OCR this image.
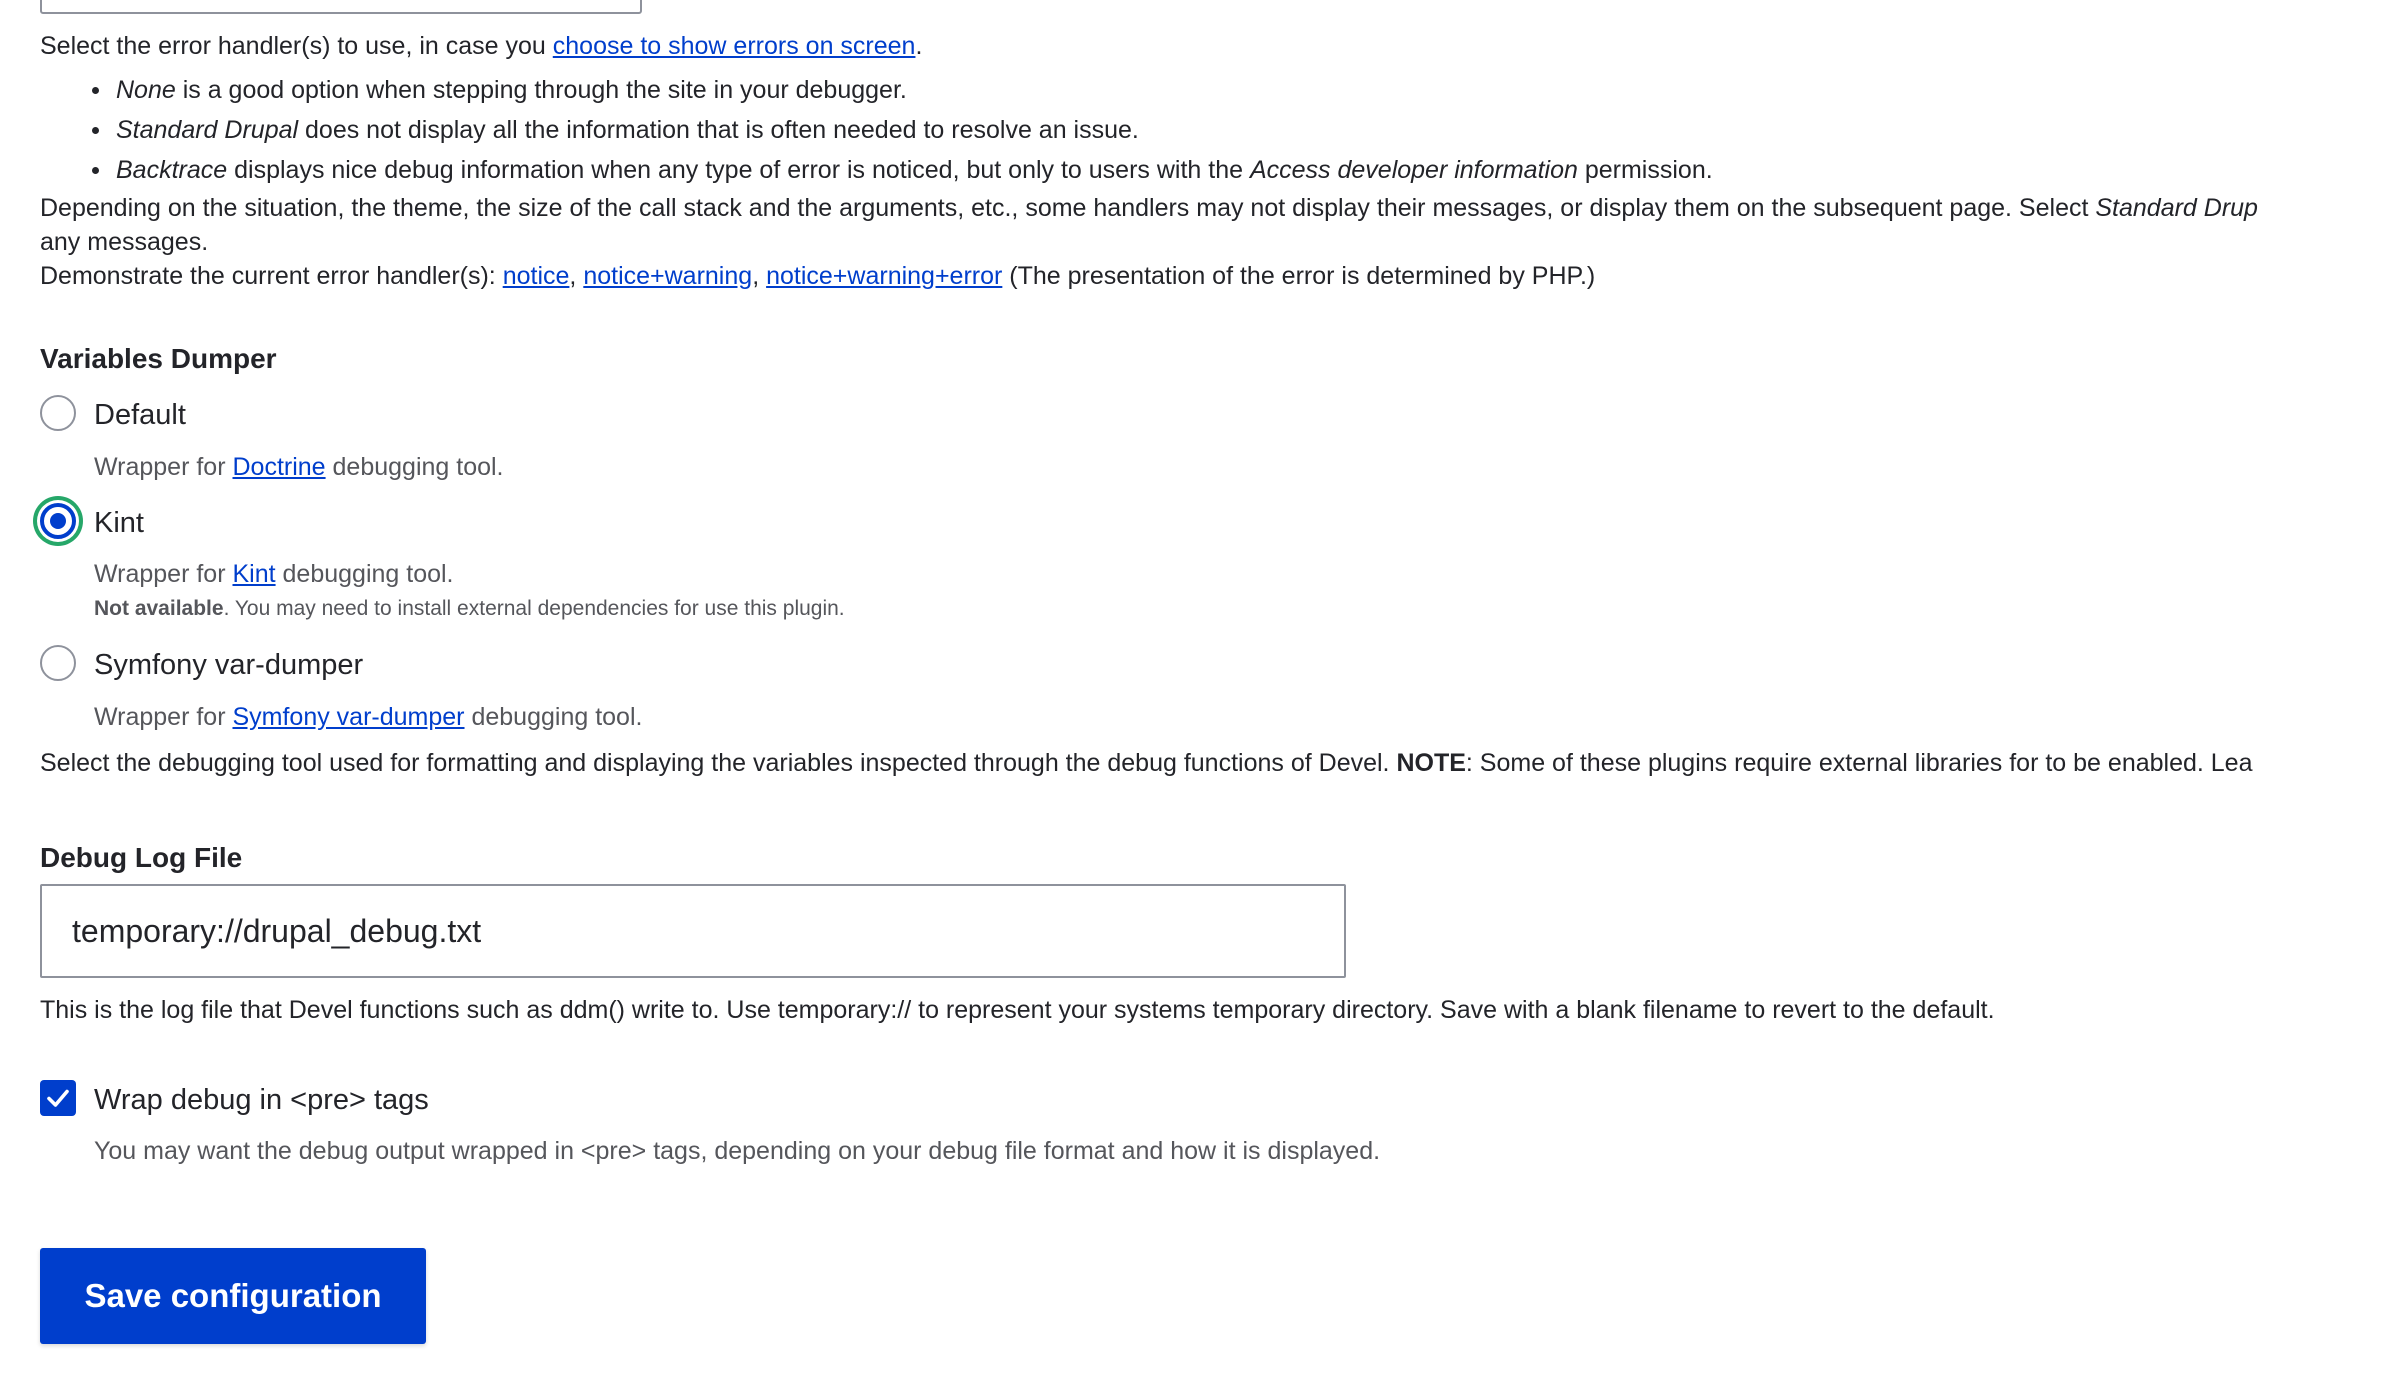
Select the error handler(s) to use, in case you choose to show errors on screen.
None is a good option when stepping through the site in your debugger.
Standard Drupal does not display all the information that is often needed to resolve an issue.
Backtrace displays nice debug information when any type of error is noticed, but only to users with the Access developer information permission.
Depending on the situation, the theme, the size of the call stack and the arguments, etc., some handlers may not display their messages, or display them on the subsequent page. Select Standard Drup
any messages.
Demonstrate the current error handler(s): notice, notice+warning, notice+warning+error (The presentation of the error is determined by PHP.)
Variables Dumper
Default
Wrapper for Doctrine debugging tool.
Kint
Wrapper for Kint debugging tool.
Not available. You may need to install external dependencies for use this plugin.
Symfony var-dumper
Wrapper for Symfony var-dumper debugging tool.
Select the debugging tool used for formatting and displaying the variables inspected through the debug functions of Devel. NOTE: Some of these plugins require external libraries for to be enabled. Lea
Debug Log File
temporary://drupal_debug.txt
This is the log file that Devel functions such as ddm() write to. Use temporary:// to represent your systems temporary directory. Save with a blank filename to revert to the default.
Wrap debug in <pre> tags
You may want the debug output wrapped in <pre> tags, depending on your debug file format and how it is displayed.
Save configuration
